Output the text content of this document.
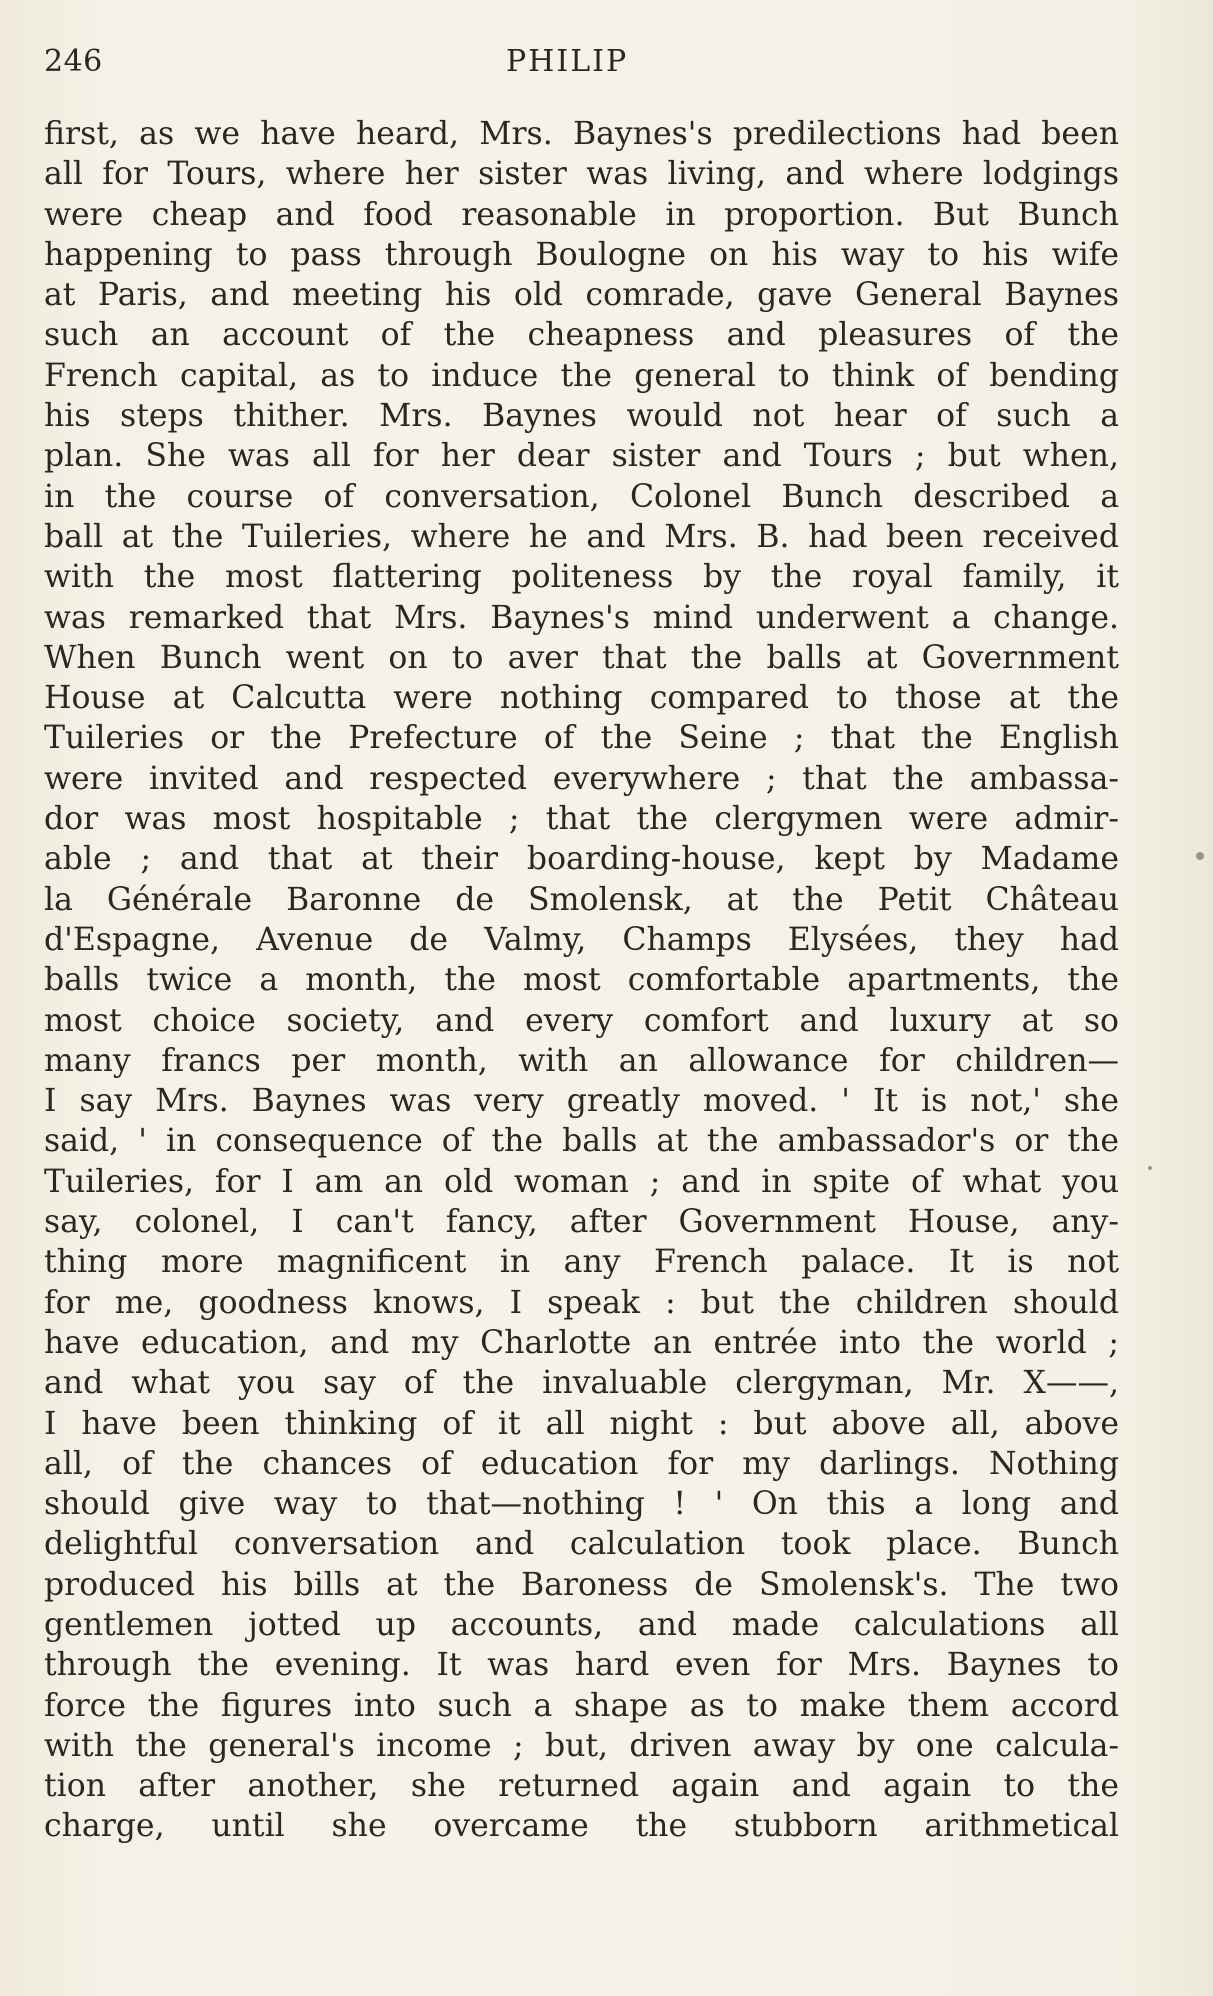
246	PHILIP
first, as we have heard, Mrs. Baynes's predilections had been
all for Tours, where her sister was living, and where lodgings
were cheap and food reasonable in proportion. But Bunch
happening to pass through Boulogne on his way to his wife
at Paris, and meeting his old comrade, gave General Baynes
such an account of the cheapness and pleasures of the
French capital, as to induce the general to think of bending
his steps thither. Mrs. Baynes would not hear of such a
plan. She was all for her dear sister and Tours ; but when,
in the course of conversation, Colonel Bunch described a
ball at the Tuileries, where he and Mrs. B. had been received
with the most flattering politeness by the royal family, it
was remarked that Mrs. Baynes's mind underwent a change.
When Bunch went on to aver that the balls at Government
House at Calcutta were nothing compared to those at the
Tuileries or the Prefecture of the Seine ; that the English
were invited and respected everywhere ; that the ambassa-
dor was most hospitable ; that the clergymen were admir-
able ; and that at their boarding-house, kept by Madame
la Générale Baronne de Smolensk, at the Petit Château
d'Espagne, Avenue de Valmy, Champs Elysées, they had
balls twice a month, the most comfortable apartments, the
most choice society, and every comfort and luxury at so
many francs per month, with an allowance for children—
I say Mrs. Baynes was very greatly moved. ' It is not,' she
said, ' in consequence of the balls at the ambassador's or the
Tuileries, for I am an old woman ; and in spite of what you
say, colonel, I can't fancy, after Government House, any-
thing more magnificent in any French palace. It is not
for me, goodness knows, I speak : but the children should
have education, and my Charlotte an entrée into the world ;
and what you say of the invaluable clergyman, Mr. X——,
I have been thinking of it all night : but above all, above
all, of the chances of education for my darlings. Nothing
should give way to that—nothing ! ' On this a long and
delightful conversation and calculation took place. Bunch
produced his bills at the Baroness de Smolensk's. The two
gentlemen jotted up accounts, and made calculations all
through the evening. It was hard even for Mrs. Baynes to
force the figures into such a shape as to make them accord
with the general's income ; but, driven away by one calcula-
tion after another, she returned again and again to the
charge, until she overcame the stubborn arithmetical
